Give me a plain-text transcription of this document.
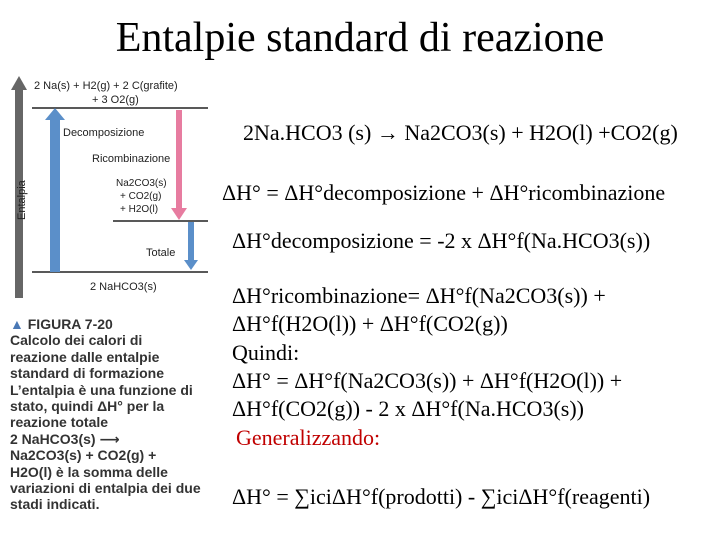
Entalpie standard di reazione
Entalpia
2 Na(s) + H2(g) + 2 C(grafite)
+ 3 O2(g)
Decomposizione
Ricombinazione
Na2CO3(s)
+ CO2(g)
+ H2O(l)
Totale
2 NaHCO3(s)
▲ FIGURA 7-20
Calcolo dei calori di
reazione dalle entalpie
standard di formazione
L’entalpia è una funzione di
stato, quindi ΔH° per la
reazione totale
2 NaHCO3(s) ⟶
Na2CO3(s) + CO2(g) +
H2O(l) è la somma delle
variazioni di entalpia dei due
stadi indicati.
2Na.HCO3 (s) → Na2CO3(s) + H2O(l) +CO2(g)
ΔH° = ΔH°decomposizione + ΔH°ricombinazione
ΔH°decomposizione = -2 x ΔH°f(Na.HCO3(s))
ΔH°ricombinazione= ΔH°f(Na2CO3(s)) +
ΔH°f(H2O(l)) + ΔH°f(CO2(g))
Quindi:
ΔH° = ΔH°f(Na2CO3(s)) + ΔH°f(H2O(l)) +
ΔH°f(CO2(g)) - 2 x ΔH°f(Na.HCO3(s))
Generalizzando:
ΔH° = ∑iciΔH°f(prodotti) - ∑iciΔH°f(reagenti)
